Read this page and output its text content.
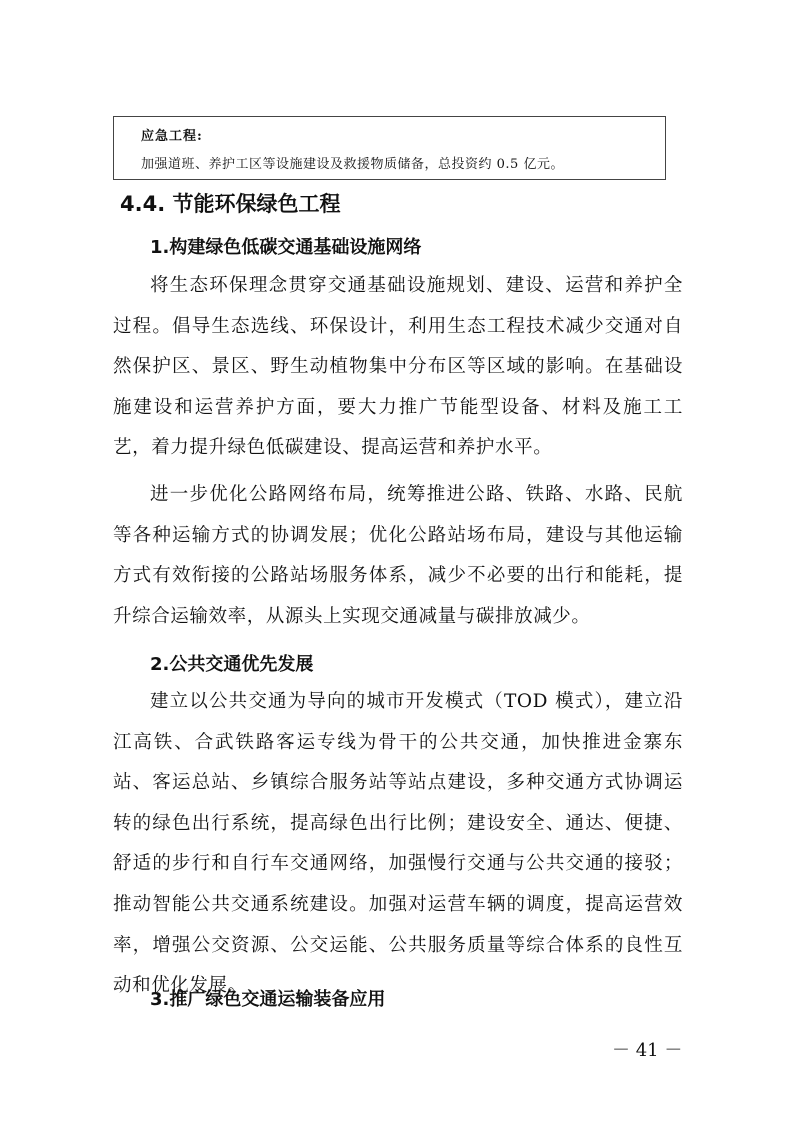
应急工程:
加强道班、养护工区等设施建设及救援物质储备，总投资约 0.5 亿元。
4.4. 节能环保绿色工程
1.构建绿色低碳交通基础设施网络

将生态环保理念贯穿交通基础设施规划、建设、运营和养护全过程。倡导生态选线、环保设计，利用生态工程技术减少交通对自然保护区、景区、野生动植物集中分布区等区域的影响。在基础设施建设和运营养护方面，要大力推广节能型设备、材料及施工工艺，着力提升绿色低碳建设、提高运营和养护水平。

进一步优化公路网络布局，统筹推进公路、铁路、水路、民航等各种运输方式的协调发展；优化公路站场布局，建设与其他运输方式有效衔接的公路站场服务体系，减少不必要的出行和能耗，提升综合运输效率，从源头上实现交通减量与碳排放减少。

2.公共交通优先发展

建立以公共交通为导向的城市开发模式（TOD 模式），建立沿江高铁、合武铁路客运专线为骨干的公共交通，加快推进金寨东站、客运总站、乡镇综合服务站等站点建设，多种交通方式协调运转的绿色出行系统，提高绿色出行比例；建设安全、通达、便捷、舒适的步行和自行车交通网络，加强慢行交通与公共交通的接驳；推动智能公共交通系统建设。加强对运营车辆的调度，提高运营效率，增强公交资源、公交运能、公共服务质量等综合体系的良性互动和优化发展。

3.推广绿色交通运输装备应用
－ 41 －
